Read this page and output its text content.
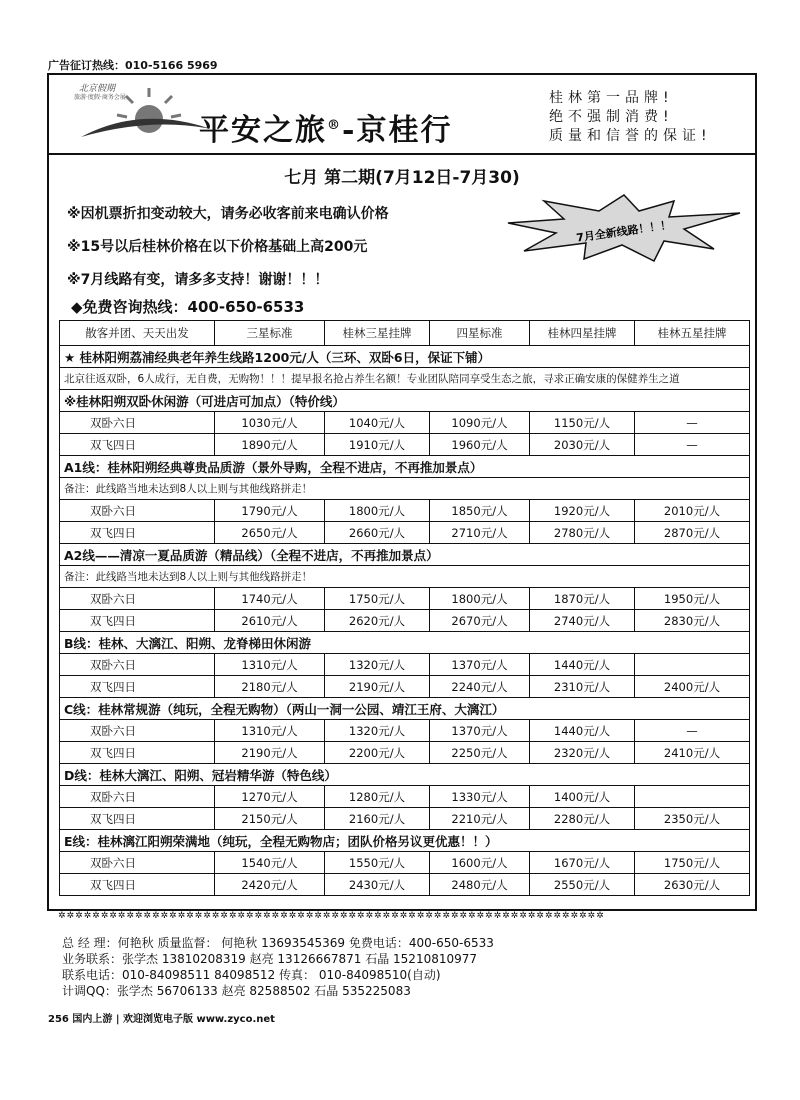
广告征订热线：010-5166 5969
北京假期
旅游·度假·商务会展
平安之旅®-京桂行
桂林第一品牌!
绝不强制消费!
质量和信誉的保证!
七月 第二期(7月12日-7月30)
※因机票折扣变动较大，请务必收客前来电确认价格
※15号以后桂林价格在以下价格基础上高200元
※7月线路有变，请多多支持！谢谢！！！
◆免费咨询热线：400-650-6533
7月全新线路！！！
散客并团、天天出发	三星标准	桂林三星挂牌	四星标准	桂林四星挂牌	桂林五星挂牌
★ 桂林阳朔荔浦经典老年养生线路1200元/人（三环、双卧6日，保证下铺）					
北京往返双卧，6人成行，无自费，无购物！！！提早报名抢占养生名额！专业团队陪同享受生态之旅，寻求正确安康的保健养生之道					
※桂林阳朔双卧休闲游（可进店可加点）（特价线）					
双卧六日	1030元/人	1040元/人	1090元/人	1150元/人	—
双飞四日	1890元/人	1910元/人	1960元/人	2030元/人	—
A1线：桂林阳朔经典尊贵品质游（景外导购，全程不进店，不再推加景点）					
备注：此线路当地未达到8人以上则与其他线路拼走！					
双卧六日	1790元/人	1800元/人	1850元/人	1920元/人	2010元/人
双飞四日	2650元/人	2660元/人	2710元/人	2780元/人	2870元/人
A2线——清凉一夏品质游（精品线）（全程不进店，不再推加景点）					
备注：此线路当地未达到8人以上则与其他线路拼走！					
双卧六日	1740元/人	1750元/人	1800元/人	1870元/人	1950元/人
双飞四日	2610元/人	2620元/人	2670元/人	2740元/人	2830元/人
B线：桂林、大漓江、阳朔、龙脊梯田休闲游					
双卧六日	1310元/人	1320元/人	1370元/人	1440元/人	
双飞四日	2180元/人	2190元/人	2240元/人	2310元/人	2400元/人
C线：桂林常规游（纯玩，全程无购物）（两山一洞一公园、靖江王府、大漓江）					
双卧六日	1310元/人	1320元/人	1370元/人	1440元/人	—
双飞四日	2190元/人	2200元/人	2250元/人	2320元/人	2410元/人
D线：桂林大漓江、阳朔、冠岩精华游（特色线）					
双卧六日	1270元/人	1280元/人	1330元/人	1400元/人	
双飞四日	2150元/人	2160元/人	2210元/人	2280元/人	2350元/人
E线：桂林漓江阳朔荣满地（纯玩，全程无购物店；团队价格另议更优惠！！）					
双卧六日	1540元/人	1550元/人	1600元/人	1670元/人	1750元/人
双飞四日	2420元/人	2430元/人	2480元/人	2550元/人	2630元/人
✲✲✲✲✲✲✲✲✲✲✲✲✲✲✲✲✲✲✲✲✲✲✲✲✲✲✲✲✲✲✲✲✲✲✲✲✲✲✲✲✲✲✲✲✲✲✲✲✲✲✲✲✲✲✲✲✲✲✲✲✲✲✲✲
总 经 理：何艳秋 质量监督： 何艳秋 13693545369 免费电话：400-650-6533
业务联系：张学杰 13810208319 赵亮 13126667871 石晶 15210810977
联系电话：010-84098511 84098512 传真： 010-84098510(自动)
计调QQ：张学杰 56706133 赵亮 82588502 石晶 535225083
256 国内上游 | 欢迎浏览电子版 www.zyco.net
